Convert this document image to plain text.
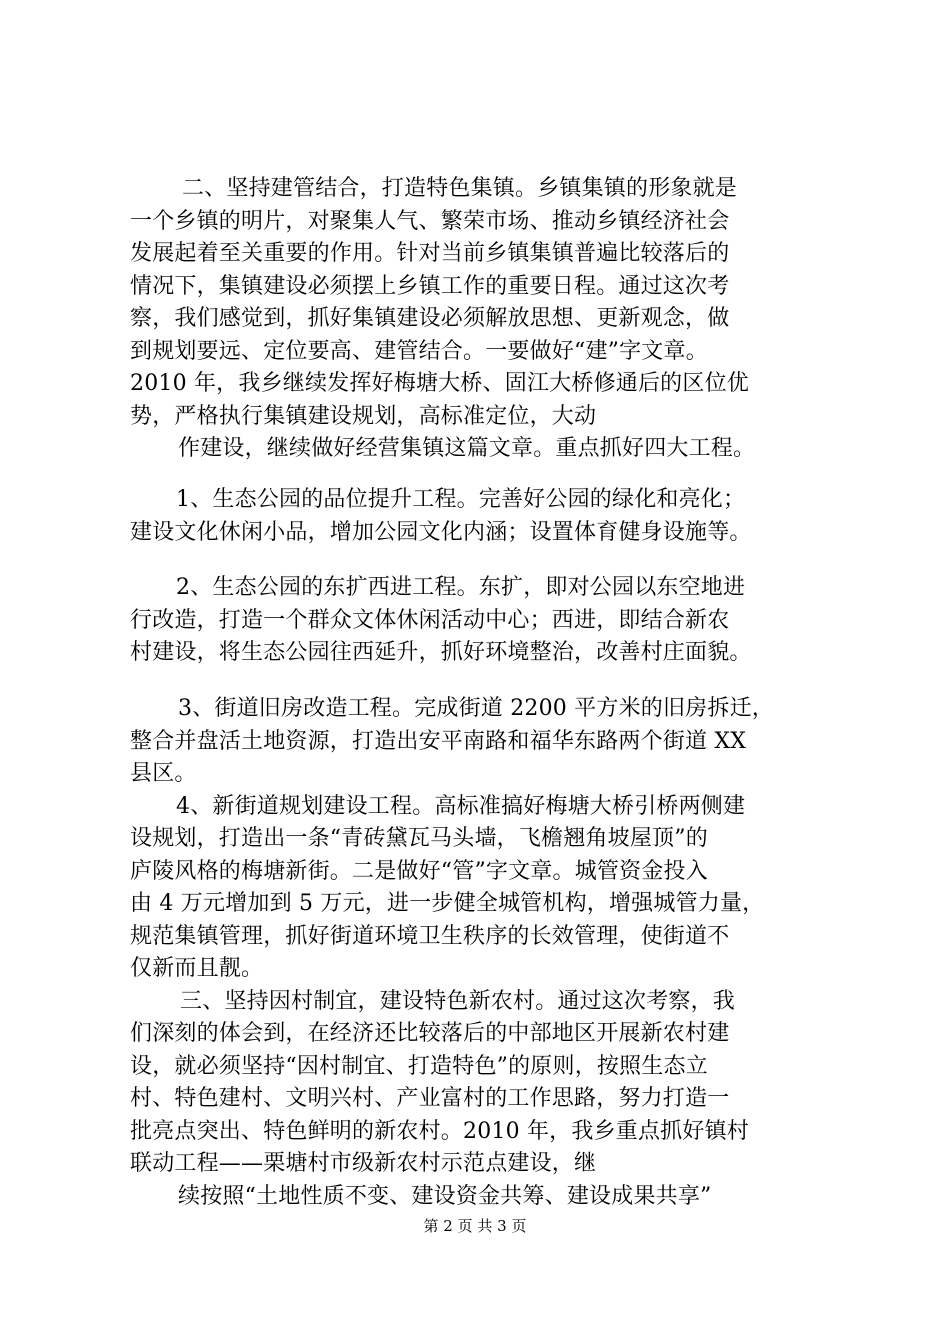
二、坚持建管结合，打造特色集镇。乡镇集镇的形象就是
一个乡镇的明片，对聚集人气、繁荣市场、推动乡镇经济社会
发展起着至关重要的作用。针对当前乡镇集镇普遍比较落后的
情况下，集镇建设必须摆上乡镇工作的重要日程。通过这次考
察，我们感觉到，抓好集镇建设必须解放思想、更新观念，做
到规划要远、定位要高、建管结合。一要做好“建”字文章。
2010 年，我乡继续发挥好梅塘大桥、固江大桥修通后的区位优
势，严格执行集镇建设规划，高标准定位，大动
作建设，继续做好经营集镇这篇文章。重点抓好四大工程。
1、生态公园的品位提升工程。完善好公园的绿化和亮化；
建设文化休闲小品，增加公园文化内涵；设置体育健身设施等。
2、生态公园的东扩西进工程。东扩，即对公园以东空地进
行改造，打造一个群众文体休闲活动中心；西进，即结合新农
村建设，将生态公园往西延升，抓好环境整治，改善村庄面貌。
3、街道旧房改造工程。完成街道 2200 平方米的旧房拆迁，
整合并盘活土地资源，打造出安平南路和福华东路两个街道 XX
县区。
4、新街道规划建设工程。高标准搞好梅塘大桥引桥两侧建
设规划，打造出一条“青砖黛瓦马头墙，飞檐翘角坡屋顶”的
庐陵风格的梅塘新街。二是做好“管”字文章。城管资金投入
由 4 万元增加到 5 万元，进一步健全城管机构，增强城管力量，
规范集镇管理，抓好街道环境卫生秩序的长效管理，使街道不
仅新而且靓。
三、坚持因村制宜，建设特色新农村。通过这次考察，我
们深刻的体会到，在经济还比较落后的中部地区开展新农村建
设，就必须坚持“因村制宜、打造特色”的原则，按照生态立
村、特色建村、文明兴村、产业富村的工作思路，努力打造一
批亮点突出、特色鲜明的新农村。2010 年，我乡重点抓好镇村
联动工程——栗塘村市级新农村示范点建设，继
续按照“土地性质不变、建设资金共筹、建设成果共享”
第 2 页 共 3 页
